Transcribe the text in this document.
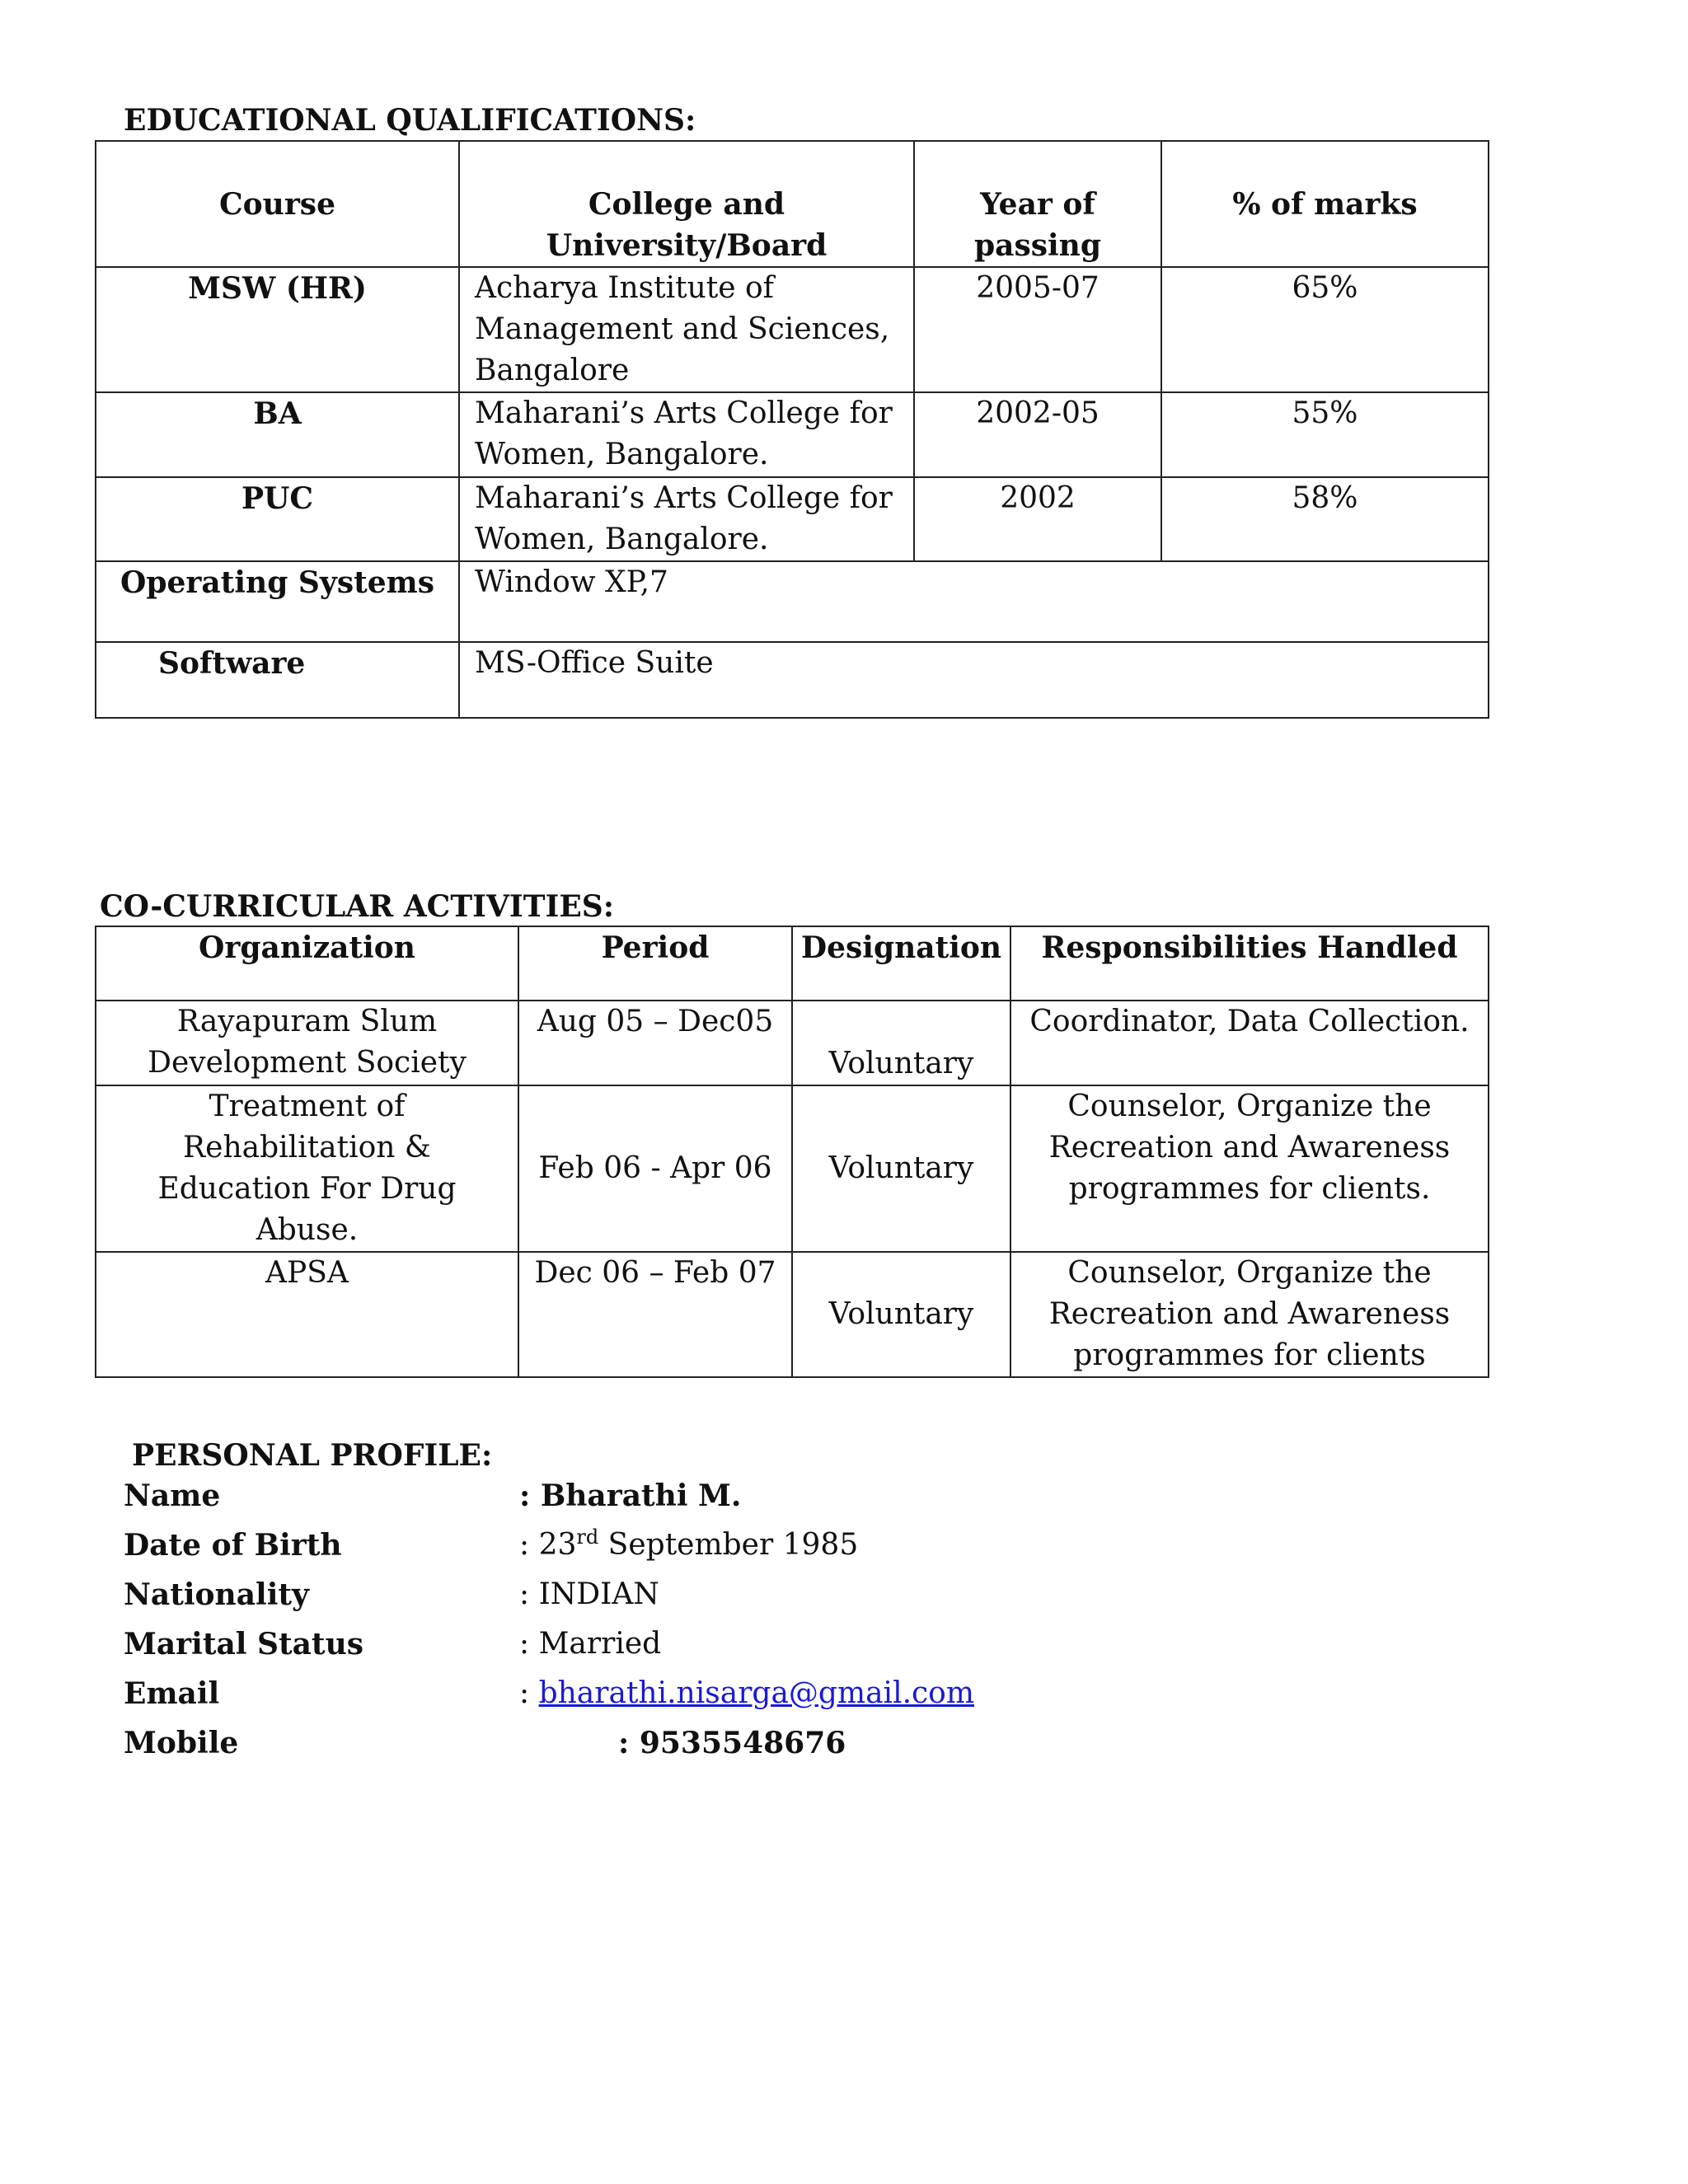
EDUCATIONAL QUALIFICATIONS:
Course	College and University/Board	Year of passing	% of marks
MSW (HR)	Acharya Institute of Management and Sciences, Bangalore	2005-07	65%
BA	Maharani’s Arts College for Women, Bangalore.	2002-05	55%
PUC	Maharani’s Arts College for Women, Bangalore.	2002	58%
Operating Systems	Window XP,7		
Software	MS-Office Suite		
CO-CURRICULAR ACTIVITIES:
Organization	Period	Designation	Responsibilities Handled
Rayapuram Slum Development Society	Aug 05 – Dec05	Voluntary	Coordinator, Data Collection.
Treatment of Rehabilitation & Education For Drug Abuse.	Feb 06 - Apr 06	Voluntary	Counselor, Organize the Recreation and Awareness programmes for clients.
APSA	Dec 06 – Feb 07	Voluntary	Counselor, Organize the Recreation and Awareness programmes for clients
PERSONAL PROFILE:
Name	: Bharathi M.
Date of Birth	: 23rd September 1985
Nationality	: INDIAN
Marital Status	: Married
Email	: bharathi.nisarga@gmail.com
Mobile	: 9535548676
